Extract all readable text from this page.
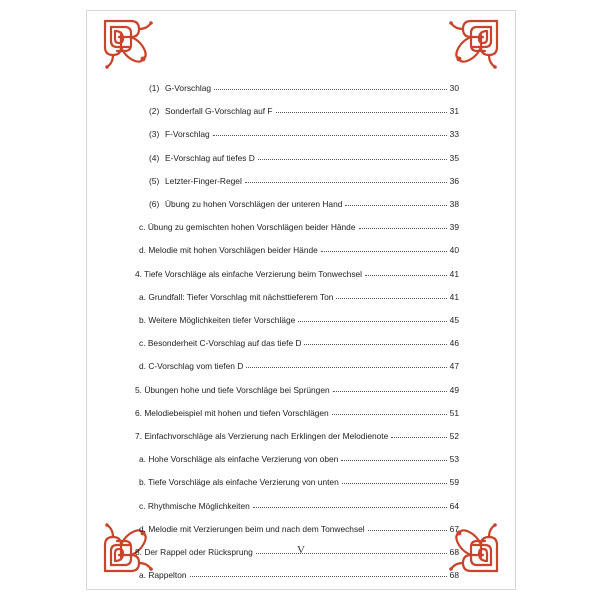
(1) G-Vorschlag	30
(2) Sonderfall G-Vorschlag auf F	31
(3) F-Vorschlag	33
(4) E-Vorschlag auf tiefes D	35
(5) Letzter-Finger-Regel	36
(6) Übung zu hohen Vorschlägen der unteren Hand	38
c. Übung zu gemischten hohen Vorschlägen beider Hände	39
d. Melodie mit hohen Vorschlägen beider Hände	40
4. Tiefe Vorschläge als einfache Verzierung beim Tonwechsel	41
a. Grundfall: Tiefer Vorschlag mit nächsttieferem Ton	41
b. Weitere Möglichkeiten tiefer Vorschläge	45
c. Besonderheit C-Vorschlag auf das tiefe D	46
d. C-Vorschlag vom tiefen D	47
5. Übungen hohe und tiefe Vorschläge bei Sprüngen	49
6. Melodiebeispiel mit hohen und tiefen Vorschlägen	51
7. Einfachvorschläge als Verzierung nach Erklingen der Melodienote	52
a. Hohe Vorschläge als einfache Verzierung von oben	53
b. Tiefe Vorschläge als einfache Verzierung von unten	59
c. Rhythmische Möglichkeiten	64
d. Melodie mit Verzierungen beim und nach dem Tonwechsel	67
8. Der Rappel oder Rücksprung	68
a. Rappelton	68
V
